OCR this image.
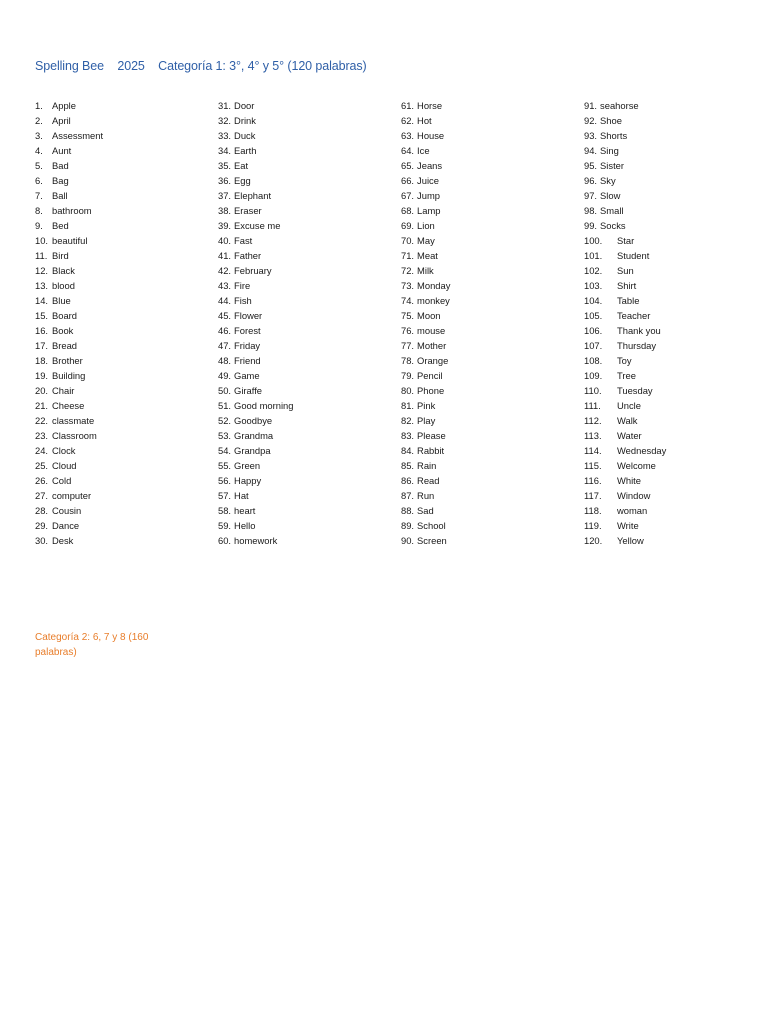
Spelling Bee 2025 Categoría 1: 3°, 4° y 5° (120 palabras)
1. Apple
2. April
3. Assessment
4. Aunt
5. Bad
6. Bag
7. Ball
8. bathroom
9. Bed
10. beautiful
11. Bird
12. Black
13. blood
14. Blue
15. Board
16. Book
17. Bread
18. Brother
19. Building
20. Chair
21. Cheese
22. classmate
23. Classroom
24. Clock
25. Cloud
26. Cold
27. computer
28. Cousin
29. Dance
30. Desk
31. Door
32. Drink
33. Duck
34. Earth
35. Eat
36. Egg
37. Elephant
38. Eraser
39. Excuse me
40. Fast
41. Father
42. February
43. Fire
44. Fish
45. Flower
46. Forest
47. Friday
48. Friend
49. Game
50. Giraffe
51. Good morning
52. Goodbye
53. Grandma
54. Grandpa
55. Green
56. Happy
57. Hat
58. heart
59. Hello
60. homework
61. Horse
62. Hot
63. House
64. Ice
65. Jeans
66. Juice
67. Jump
68. Lamp
69. Lion
70. May
71. Meat
72. Milk
73. Monday
74. monkey
75. Moon
76. mouse
77. Mother
78. Orange
79. Pencil
80. Phone
81. Pink
82. Play
83. Please
84. Rabbit
85. Rain
86. Read
87. Run
88. Sad
89. School
90. Screen
91. seahorse
92. Shoe
93. Shorts
94. Sing
95. Sister
96. Sky
97. Slow
98. Small
99. Socks
100.	Star
101.	Student
102.	Sun
103.	Shirt
104.	Table
105.	Teacher
106.	Thank you
107.	Thursday
108.	Toy
109.	Tree
110.	Tuesday
111.	Uncle
112.	Walk
113.	Water
114.	Wednesday
115.	Welcome
116.	White
117.	Window
118.	woman
119.	Write
120.	Yellow
Categoría 2: 6, 7 y 8 (160
palabras)
